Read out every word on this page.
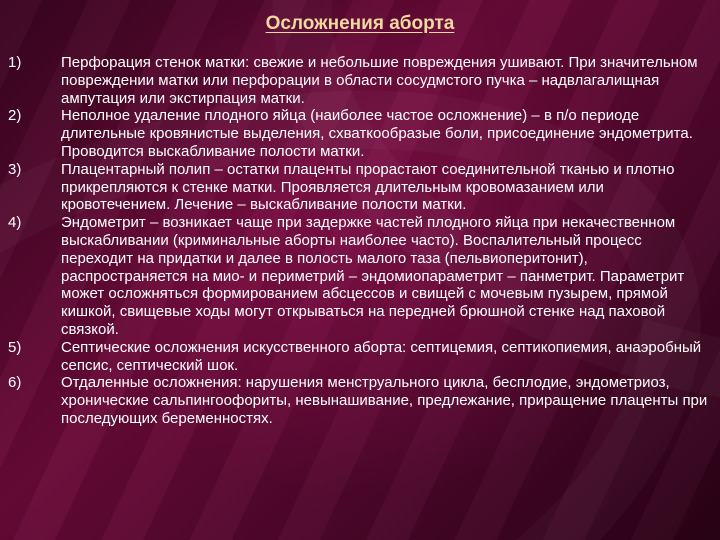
Осложнения аборта
1)	Перфорация стенок матки: свежие и небольшие повреждения ушивают. При значительном повреждении матки или перфорации в области сосудмстого пучка – надвлагалищная ампутация или экстирпация матки.
2)	Неполное удаление плодного яйца (наиболее частое осложнение) – в п/о периоде длительные кровянистые выделения, схваткообразые боли, присоединение эндометрита. Проводится выскабливание полости матки.
3)	Плацентарный полип – остатки плаценты прорастают соединительной тканью и плотно прикрепляются к стенке матки. Проявляется длительным кровомазанием или кровотечением. Лечение – выскабливание полости матки.
4)	Эндометрит – возникает чаще при задержке частей плодного яйца при некачественном выскабливании (криминальные аборты наиболее часто). Воспалительный процесс переходит на придатки и далее в полость малого таза (пельвиоперитонит), распространяется на мио- и периметрий – эндомиопараметрит – панметрит. Параметрит может осложняться формированием абсцессов и свищей с мочевым пузырем, прямой кишкой, свищевые ходы могут открываться на передней брюшной стенке над паховой связкой.
5)	Септические осложнения искусственного аборта: септицемия, септикопиемия, анаэробный сепсис, септический шок.
6)	Отдаленные осложнения: нарушения менструального цикла, бесплодие, эндометриоз, хронические сальпингоофориты, невынашивание, предлежание, приращение плаценты при последующих беременностях.
